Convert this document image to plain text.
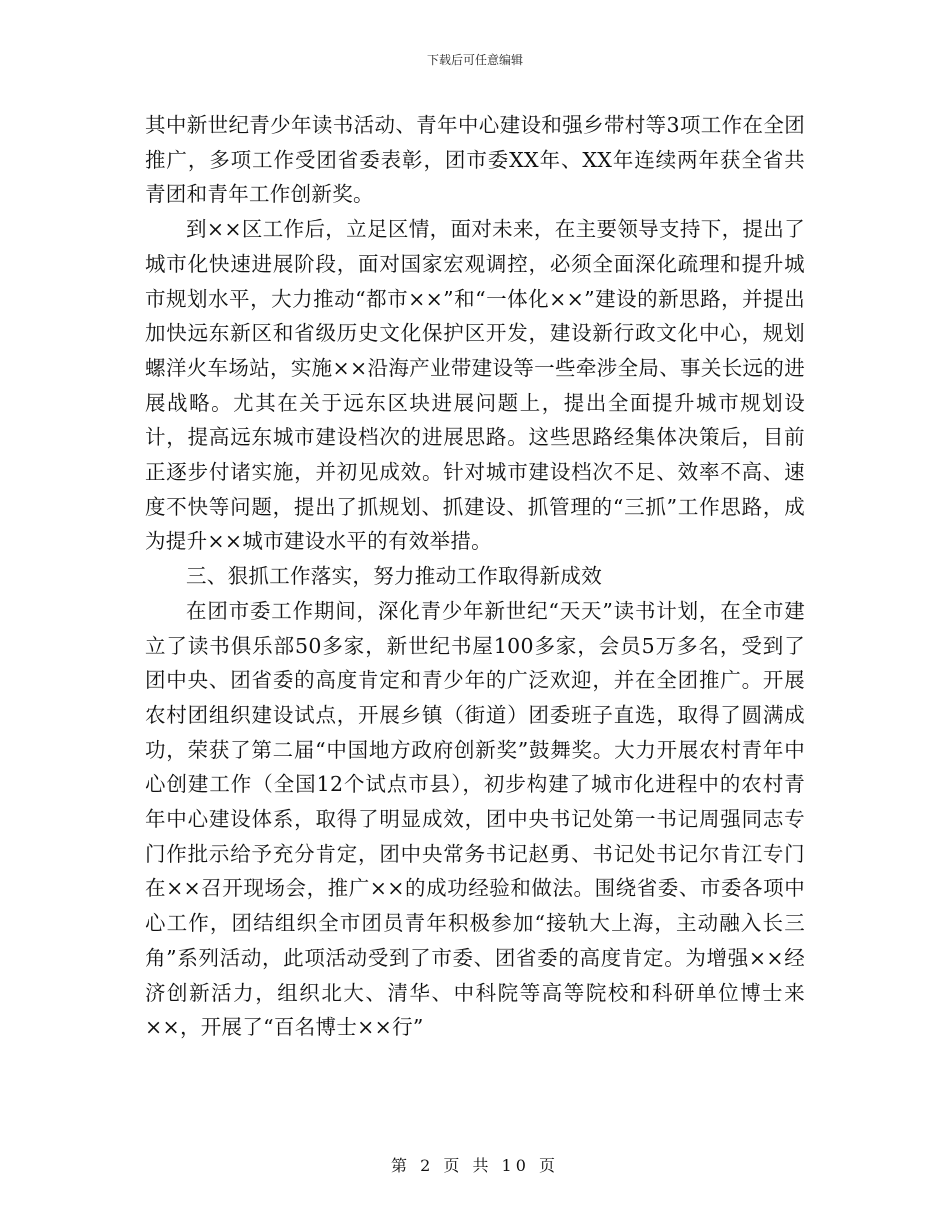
下载后可任意编辑

其中新世纪青少年读书活动、青年中心建设和强乡带村等3项工作在全团推广，多项工作受团省委表彰，团市委XX年、XX年连续两年获全省共青团和青年工作创新奖。

到××区工作后，立足区情，面对未来，在主要领导支持下，提出了城市化快速进展阶段，面对国家宏观调控，必须全面深化疏理和提升城市规划水平，大力推动“都市××”和“一体化××”建设的新思路，并提出加快远东新区和省级历史文化保护区开发，建设新行政文化中心，规划螺洋火车场站，实施××沿海产业带建设等一些牵涉全局、事关长远的进展战略。尤其在关于远东区块进展问题上，提出全面提升城市规划设计，提高远东城市建设档次的进展思路。这些思路经集体决策后，目前正逐步付诸实施，并初见成效。针对城市建设档次不足、效率不高、速度不快等问题，提出了抓规划、抓建设、抓管理的“三抓”工作思路，成为提升××城市建设水平的有效举措。

三、狠抓工作落实，努力推动工作取得新成效

在团市委工作期间，深化青少年新世纪“天天”读书计划，在全市建立了读书俱乐部50多家，新世纪书屋100多家，会员5万多名，受到了团中央、团省委的高度肯定和青少年的广泛欢迎，并在全团推广。开展农村团组织建设试点，开展乡镇（街道）团委班子直选，取得了圆满成功，荣获了第二届“中国地方政府创新奖”鼓舞奖。大力开展农村青年中心创建工作（全国12个试点市县），初步构建了城市化进程中的农村青年中心建设体系，取得了明显成效，团中央书记处第一书记周强同志专门作批示给予充分肯定，团中央常务书记赵勇、书记处书记尔肯江专门在××召开现场会，推广××的成功经验和做法。围绕省委、市委各项中心工作，团结组织全市团员青年积极参加“接轨大上海，主动融入长三角”系列活动，此项活动受到了市委、团省委的高度肯定。为增强××经济创新活力，组织北大、清华、中科院等高等院校和科研单位博士来××，开展了“百名博士××行”

第 2 页 共 10 页
